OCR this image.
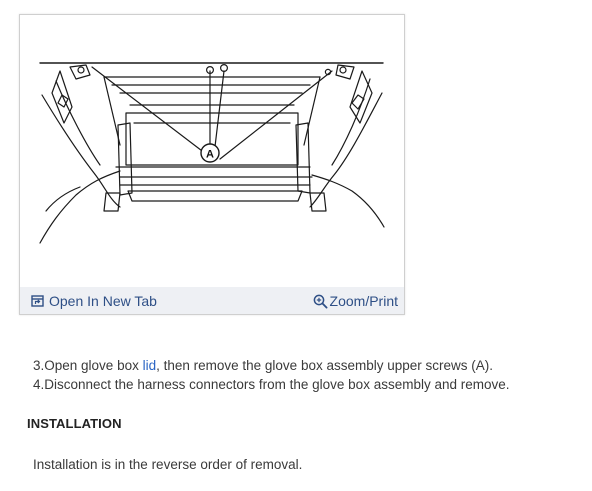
A
Open In New Tab	Zoom/Print
3.Open glove box lid, then remove the glove box assembly upper screws (A).
4.Disconnect the harness connectors from the glove box assembly and remove.
INSTALLATION
Installation is in the reverse order of removal.
